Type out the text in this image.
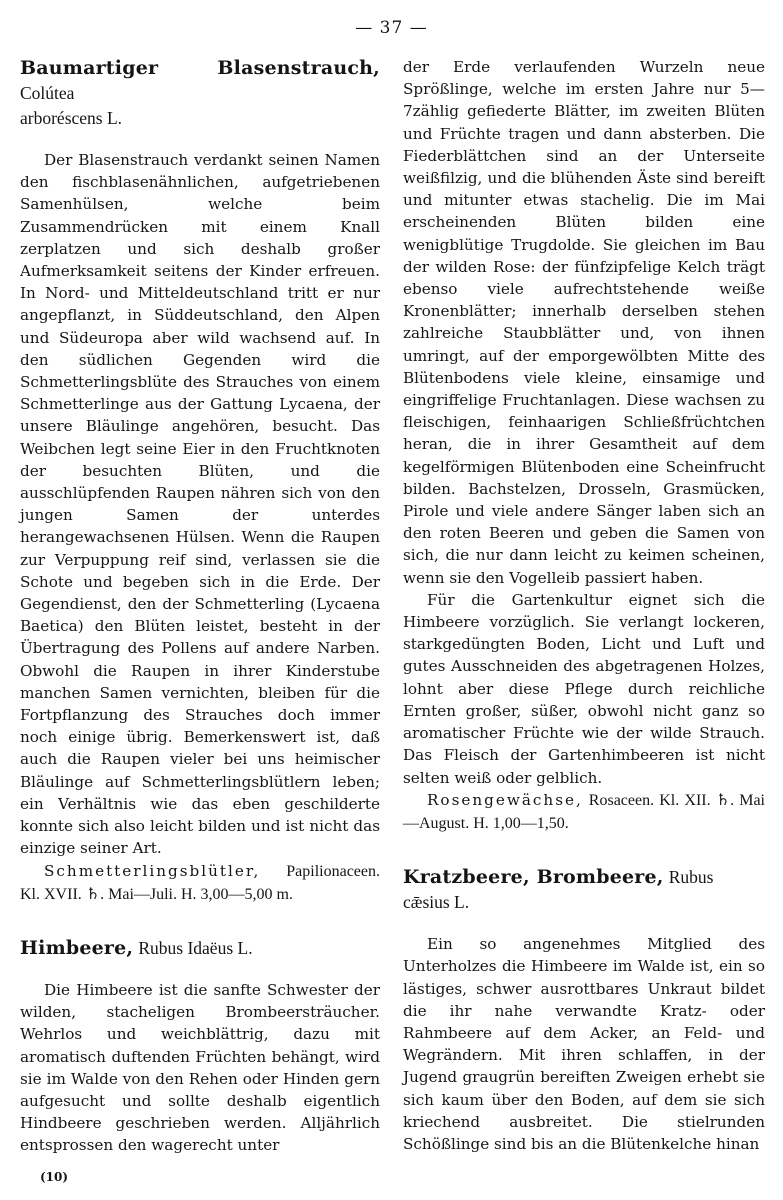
— 37 —

Baumartiger Blasenstrauch, Colútea
arboréscens L.

Der Blasenstrauch verdankt seinen Namen den fischblasenähnlichen, aufgetriebenen Samenhülsen, welche beim Zusammendrücken mit einem Knall zerplatzen und sich deshalb großer Aufmerksamkeit seitens der Kinder erfreuen. In Nord- und Mitteldeutschland tritt er nur angepflanzt, in Süddeutschland, den Alpen und Südeuropa aber wild wachsend auf. In den südlichen Gegenden wird die Schmetterlingsblüte des Strauches von einem Schmetterlinge aus der Gattung Lycaena, der unsere Bläulinge angehören, besucht. Das Weibchen legt seine Eier in den Fruchtknoten der besuchten Blüten, und die ausschlüpfenden Raupen nähren sich von den jungen Samen der unterdes herangewachsenen Hülsen. Wenn die Raupen zur Verpuppung reif sind, verlassen sie die Schote und begeben sich in die Erde. Der Gegendienst, den der Schmetterling (Lycaena Baetica) den Blüten leistet, besteht in der Übertragung des Pollens auf andere Narben. Obwohl die Raupen in ihrer Kinderstube manchen Samen vernichten, bleiben für die Fortpflanzung des Strauches doch immer noch einige übrig. Bemerkenswert ist, daß auch die Raupen vieler bei uns heimischer Bläulinge auf Schmetterlingsblütlern leben; ein Verhältnis wie das eben geschilderte konnte sich also leicht bilden und ist nicht das einzige seiner Art.

Schmetterlingsblütler, Papilionaceen. Kl. XVII. ♄. Mai—Juli. H. 3,00—5,00 m.

Himbeere, Rubus Idaëus L.

Die Himbeere ist die sanfte Schwester der wilden, stacheligen Brombeersträucher. Wehrlos und weichblättrig, dazu mit aromatisch duftenden Früchten behängt, wird sie im Walde von den Rehen oder Hinden gern aufgesucht und sollte deshalb eigentlich Hindbeere geschrieben werden. Alljährlich entsprossen den wagerecht unter

der Erde verlaufenden Wurzeln neue Sprößlinge, welche im ersten Jahre nur 5—7zählig gefiederte Blätter, im zweiten Blüten und Früchte tragen und dann absterben. Die Fiederblättchen sind an der Unterseite weißfilzig, und die blühenden Äste sind bereift und mitunter etwas stachelig. Die im Mai erscheinenden Blüten bilden eine wenigblütige Trugdolde. Sie gleichen im Bau der wilden Rose: der fünfzipfelige Kelch trägt ebenso viele aufrechtstehende weiße Kronenblätter; innerhalb derselben stehen zahlreiche Staubblätter und, von ihnen umringt, auf der emporgewölbten Mitte des Blütenbodens viele kleine, einsamige und eingriffelige Fruchtanlagen. Diese wachsen zu fleischigen, feinhaarigen Schließfrüchtchen heran, die in ihrer Gesamtheit auf dem kegelförmigen Blütenboden eine Scheinfrucht bilden. Bachstelzen, Drosseln, Grasmücken, Pirole und viele andere Sänger laben sich an den roten Beeren und geben die Samen von sich, die nur dann leicht zu keimen scheinen, wenn sie den Vogelleib passiert haben.

Für die Gartenkultur eignet sich die Himbeere vorzüglich. Sie verlangt lockeren, starkgedüngten Boden, Licht und Luft und gutes Ausschneiden des abgetragenen Holzes, lohnt aber diese Pflege durch reichliche Ernten großer, süßer, obwohl nicht ganz so aromatischer Früchte wie der wilde Strauch. Das Fleisch der Gartenhimbeeren ist nicht selten weiß oder gelblich.

Rosengewächse, Rosaceen. Kl. XII. ♄. Mai—August. H. 1,00—1,50.

Kratzbeere, Brombeere, Rubus
cǣsius L.

Ein so angenehmes Mitglied des Unterholzes die Himbeere im Walde ist, ein so lästiges, schwer ausrottbares Unkraut bildet die ihr nahe verwandte Kratz- oder Rahmbeere auf dem Acker, an Feld- und Wegrändern. Mit ihren schlaffen, in der Jugend graugrün bereiften Zweigen erhebt sie sich kaum über den Boden, auf dem sie sich kriechend ausbreitet. Die stielrunden Schößlinge sind bis an die Blütenkelche hinan

(10)
